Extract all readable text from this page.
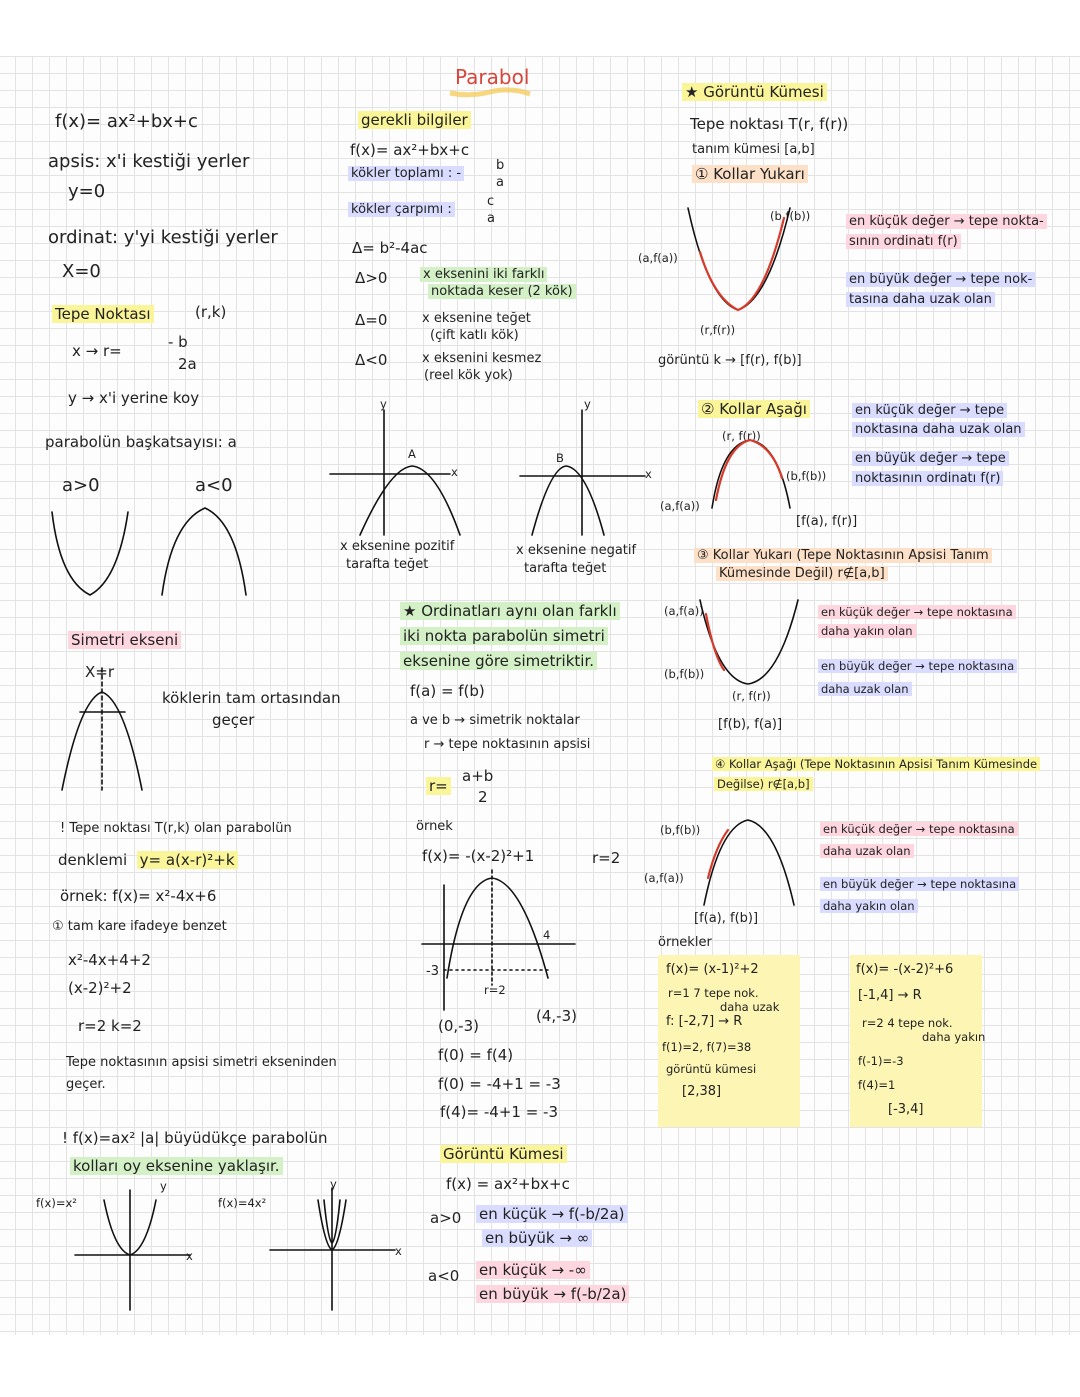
Parabol
f(x)= ax²+bx+c
apsis: x'i kestiği yerler
y=0
ordinat: y'yi kestiği yerler
X=0
Tepe Noktası	(r,k)
x → r=	- b
2a
y → x'i yerine koy
parabolün başkatsayısı: a
a>0	a<0
Simetri ekseni
X=r
köklerin tam ortasından
geçer
! Tepe noktası T(r,k) olan parabolün
denklemi y= a(x-r)²+k
örnek: f(x)= x²-4x+6
① tam kare ifadeye benzet
x²-4x+4+2
(x-2)²+2
r=2 k=2
Tepe noktasının apsisi simetri ekseninden
geçer.
! f(x)=ax² |a| büyüdükçe parabolün
kolları oy eksenine yaklaşır.
f(x)=x²	f(x)=4x²
y	y
x	x
gerekli bilgiler
f(x)= ax²+bx+c
kökler toplamı : -
b
a
kökler çarpımı :
c
a
Δ= b²-4ac
Δ>0	x eksenini iki farklı
noktada keser (2 kök)
Δ=0	x eksenine teğet
(çift katlı kök)
Δ<0	x eksenini kesmez
(reel kök yok)
y
A
x
y
B
x
x eksenine pozitif
tarafta teğet
x eksenine negatif
tarafta teğet
★ Ordinatları aynı olan farklı
iki nokta parabolün simetri
eksenine göre simetriktir.
f(a) = f(b)
a ve b → simetrik noktalar
r → tepe noktasının apsisi
r=
a+b
2
örnek
f(x)= -(x-2)²+1	r=2
-3
r=2
4
(0,-3)
(4,-3)
f(0) = f(4)
f(0) = -4+1 = -3
f(4)= -4+1 = -3
Görüntü Kümesi
f(x) = ax²+bx+c
a>0 en küçük → f(-b/2a)
en büyük → ∞
a<0 en küçük → -∞
en büyük → f(-b/2a)
★ Görüntü Kümesi
Tepe noktası T(r, f(r))
tanım kümesi [a,b]
① Kollar Yukarı
(b,f(b))
(a,f(a))
(r,f(r))
görüntü k → [f(r), f(b)]
en küçük değer → tepe nokta-
sının ordinatı f(r)
en büyük değer → tepe nok-
tasına daha uzak olan
② Kollar Aşağı
(r, f(r))
(b,f(b))
(a,f(a))
[f(a), f(r)]
en küçük değer → tepe
noktasına daha uzak olan
en büyük değer → tepe
noktasının ordinatı f(r)
③ Kollar Yukarı (Tepe Noktasının Apsisi Tanım
Kümesinde Değil) r∉[a,b]
(a,f(a))
(b,f(b))
(r, f(r))
[f(b), f(a)]
en küçük değer → tepe noktasına
daha yakın olan
en büyük değer → tepe noktasına
daha uzak olan
④ Kollar Aşağı (Tepe Noktasının Apsisi Tanım Kümesinde
Değilse) r∉[a,b]
(b,f(b))
(a,f(a))
[f(a), f(b)]
en küçük değer → tepe noktasına
daha uzak olan
en büyük değer → tepe noktasına
daha yakın olan
örnekler
f(x)= (x-1)²+2
r=1 7 tepe nok.
daha uzak
f: [-2,7] → R
f(1)=2, f(7)=38
görüntü kümesi
[2,38]
f(x)= -(x-2)²+6
[-1,4] → R
r=2 4 tepe nok.
daha yakın
f(-1)=-3
f(4)=1
[-3,4]
